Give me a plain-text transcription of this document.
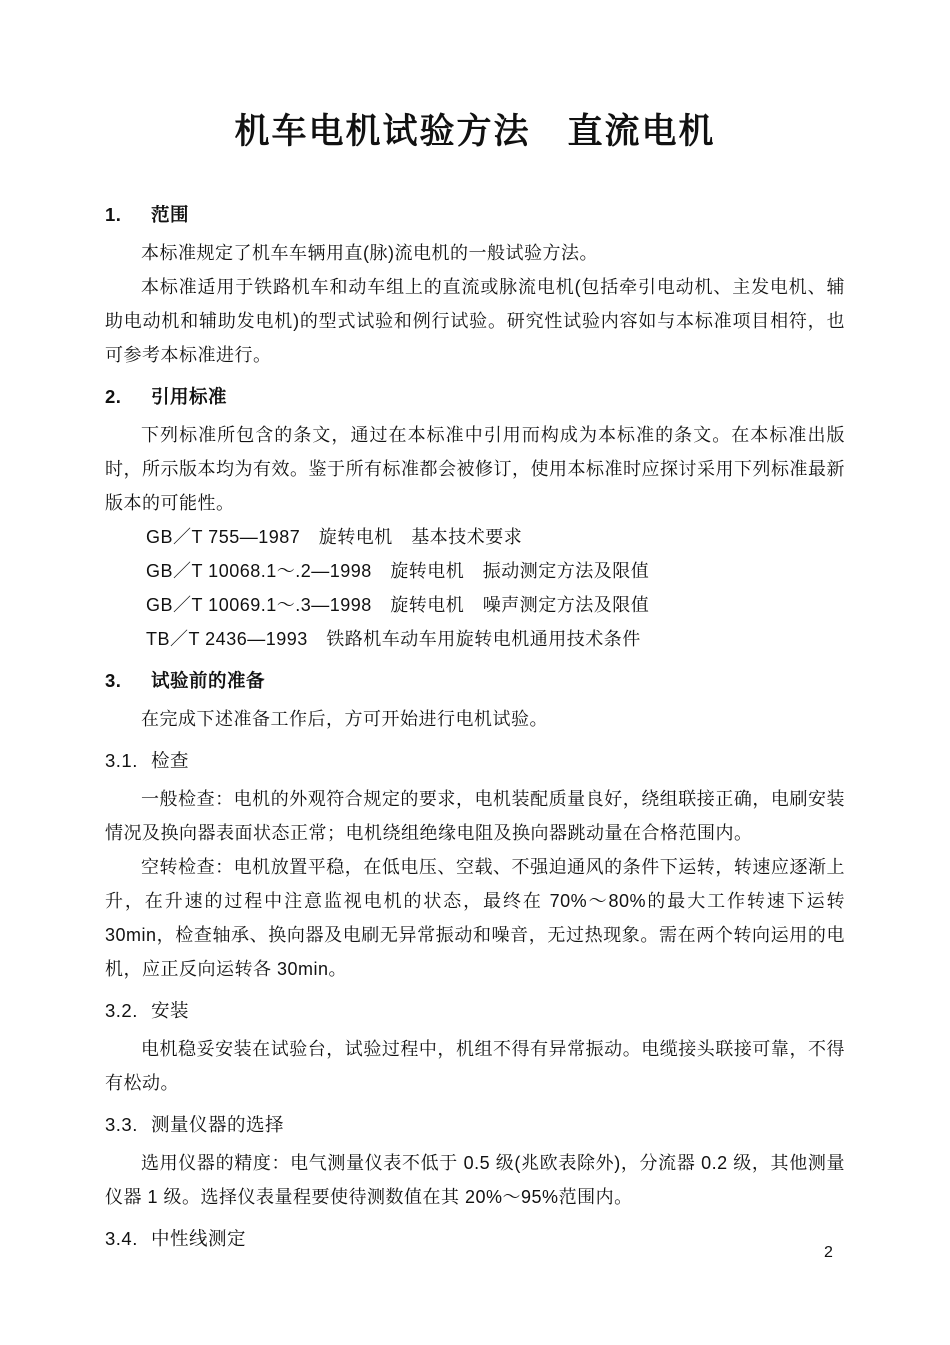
机车电机试验方法　直流电机
1. 范围

本标准规定了机车车辆用直(脉)流电机的一般试验方法。

本标准适用于铁路机车和动车组上的直流或脉流电机(包括牵引电动机、主发电机、辅助电动机和辅助发电机)的型式试验和例行试验。研究性试验内容如与本标准项目相符，也可参考本标准进行。

2. 引用标准

下列标准所包含的条文，通过在本标准中引用而构成为本标准的条文。在本标准出版时，所示版本均为有效。鉴于所有标准都会被修订，使用本标准时应探讨采用下列标准最新版本的可能性。

GB／T 755—1987　旋转电机　基本技术要求
GB／T 10068.1～.2—1998　旋转电机　振动测定方法及限值
GB／T 10069.1～.3—1998　旋转电机　噪声测定方法及限值
TB／T 2436—1993　铁路机车动车用旋转电机通用技术条件
3. 试验前的准备

在完成下述准备工作后，方可开始进行电机试验。

3.1. 检查

一般检查：电机的外观符合规定的要求，电机装配质量良好，绕组联接正确，电刷安装情况及换向器表面状态正常；电机绕组绝缘电阻及换向器跳动量在合格范围内。

空转检查：电机放置平稳，在低电压、空载、不强迫通风的条件下运转，转速应逐渐上升，在升速的过程中注意监视电机的状态，最终在 70%～80%的最大工作转速下运转 30min，检查轴承、换向器及电刷无异常振动和噪音，无过热现象。需在两个转向运用的电机，应正反向运转各 30min。

3.2. 安装

电机稳妥安装在试验台，试验过程中，机组不得有异常振动。电缆接头联接可靠，不得有松动。

3.3. 测量仪器的选择

选用仪器的精度：电气测量仪表不低于 0.5 级(兆欧表除外)，分流器 0.2 级，其他测量仪器 1 级。选择仪表量程要使待测数值在其 20%～95%范围内。

3.4. 中性线测定
2
